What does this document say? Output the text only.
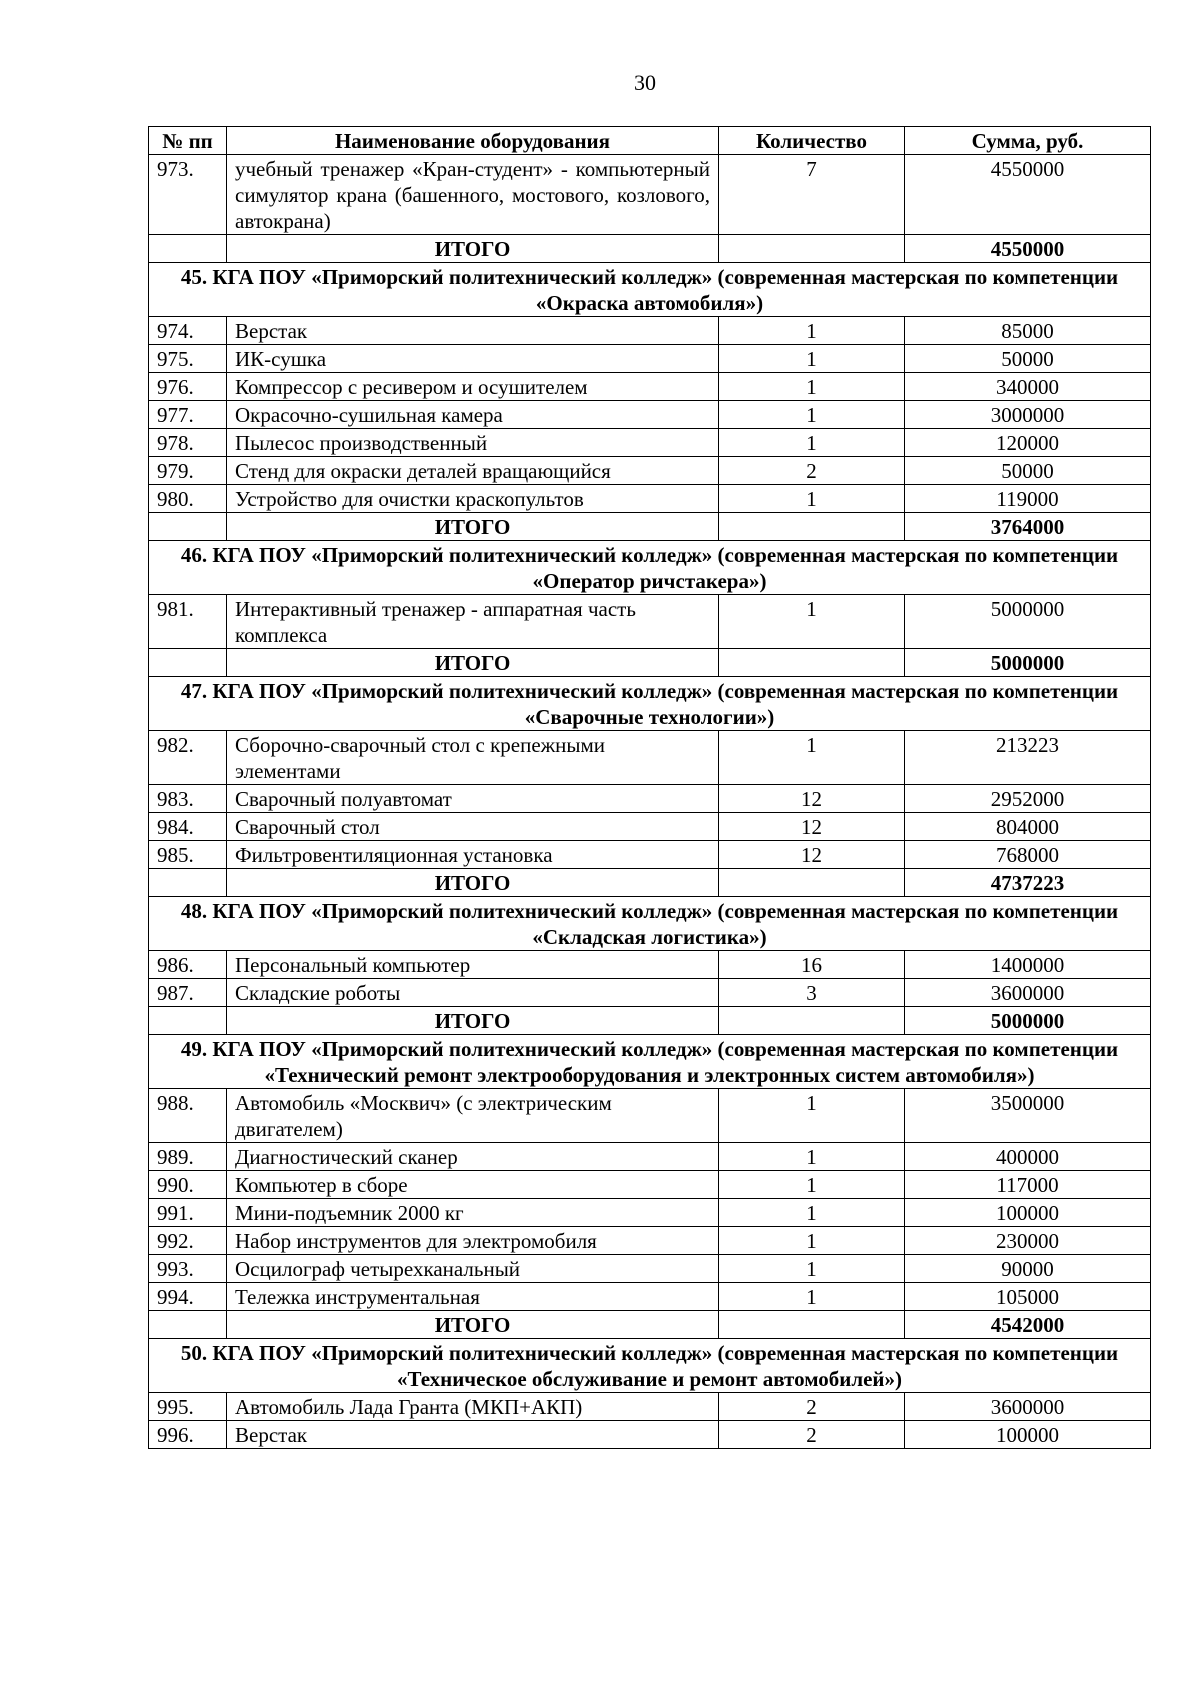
30
№ пп	Наименование оборудования	Количество	Сумма, руб.
973.	учебный тренажер «Кран-студент» - компьютерный симулятор крана (башенного, мостового, козлового, автокрана)	7	4550000
	ИТОГО		4550000
45. КГА ПОУ «Приморский политехнический колледж» (современная мастерская по компетенции «Окраска автомобиля»)			
974.	Верстак	1	85000
975.	ИК-сушка	1	50000
976.	Компрессор с ресивером и осушителем	1	340000
977.	Окрасочно-сушильная камера	1	3000000
978.	Пылесос производственный	1	120000
979.	Стенд для окраски деталей вращающийся	2	50000
980.	Устройство для очистки краскопультов	1	119000
	ИТОГО		3764000
46. КГА ПОУ «Приморский политехнический колледж» (современная мастерская по компетенции «Оператор ричстакера»)			
981.	Интерактивный тренажер - аппаратная часть комплекса	1	5000000
	ИТОГО		5000000
47. КГА ПОУ «Приморский политехнический колледж» (современная мастерская по компетенции «Сварочные технологии»)			
982.	Сборочно-сварочный стол с крепежными элементами	1	213223
983.	Сварочный полуавтомат	12	2952000
984.	Сварочный стол	12	804000
985.	Фильтровентиляционная установка	12	768000
	ИТОГО		4737223
48. КГА ПОУ «Приморский политехнический колледж» (современная мастерская по компетенции «Складская логистика»)			
986.	Персональный компьютер	16	1400000
987.	Складские роботы	3	3600000
	ИТОГО		5000000
49. КГА ПОУ «Приморский политехнический колледж» (современная мастерская по компетенции «Технический ремонт электрооборудования и электронных систем автомобиля»)			
988.	Автомобиль «Москвич» (с электрическим двигателем)	1	3500000
989.	Диагностический сканер	1	400000
990.	Компьютер в сборе	1	117000
991.	Мини-подъемник 2000 кг	1	100000
992.	Набор инструментов для электромобиля	1	230000
993.	Осцилограф четырехканальный	1	90000
994.	Тележка инструментальная	1	105000
	ИТОГО		4542000
50. КГА ПОУ «Приморский политехнический колледж» (современная мастерская по компетенции «Техническое обслуживание и ремонт автомобилей»)			
995.	Автомобиль Лада Гранта (МКП+АКП)	2	3600000
996.	Верстак	2	100000
